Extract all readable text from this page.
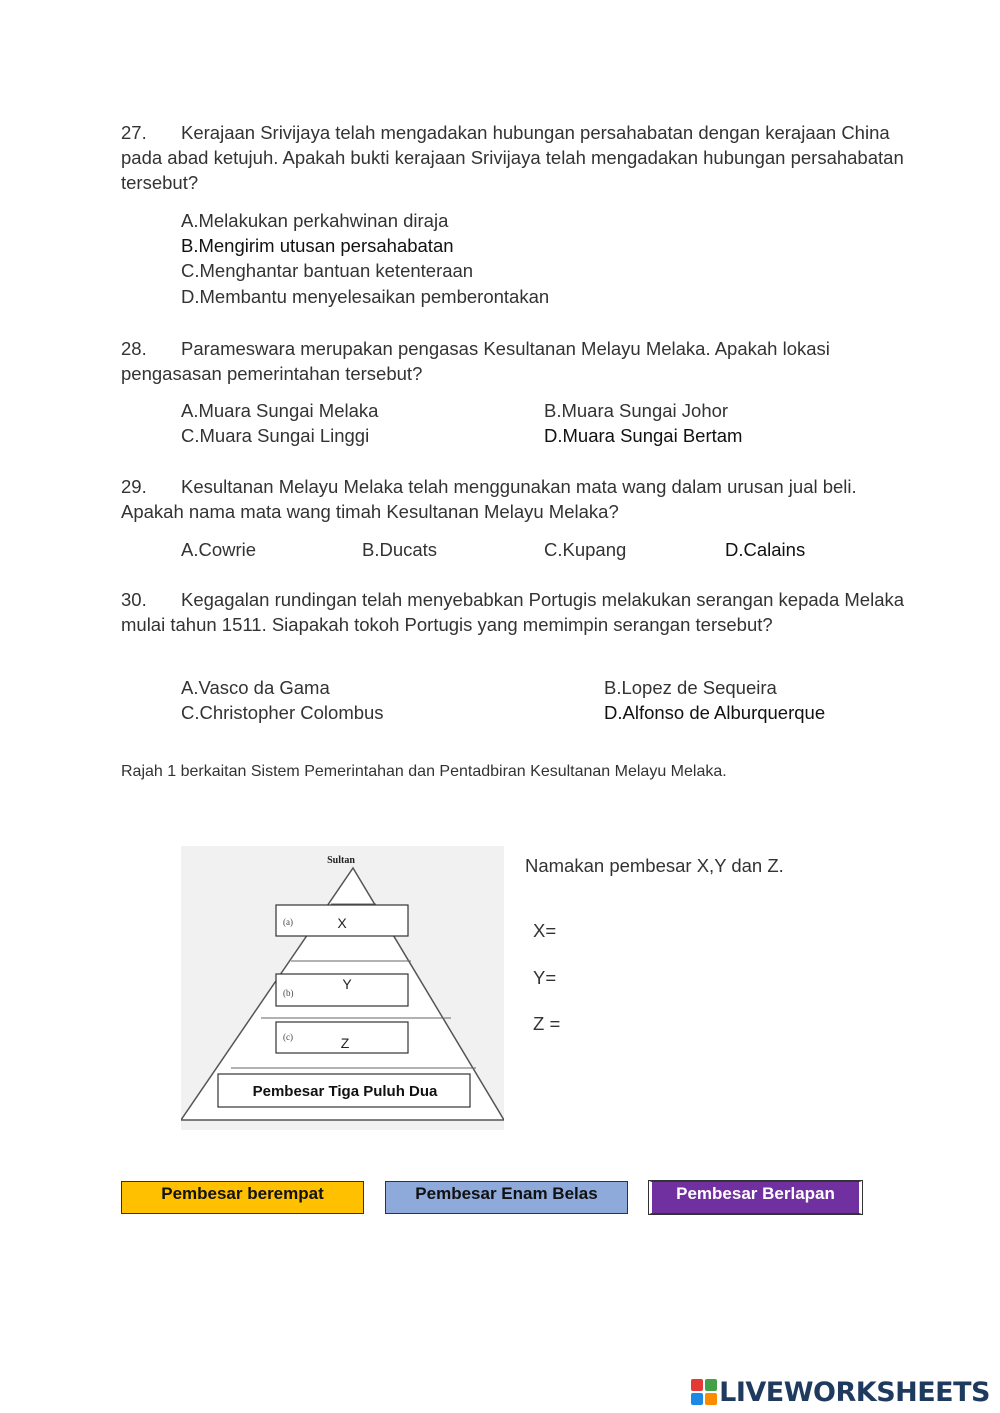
27. Kerajaan Srivijaya telah mengadakan hubungan persahabatan dengan kerajaan China pada abad ketujuh. Apakah bukti kerajaan Srivijaya telah mengadakan hubungan persahabatan tersebut?
A.Melakukan perkahwinan diraja
B.Mengirim utusan persahabatan
C.Menghantar bantuan ketenteraan
D.Membantu menyelesaikan pemberontakan
28. Parameswara merupakan pengasas Kesultanan Melayu Melaka. Apakah lokasi pengasasan pemerintahan tersebut?
A.Muara Sungai Melaka	B.Muara Sungai Johor
C.Muara Sungai Linggi	D.Muara Sungai Bertam
29. Kesultanan Melayu Melaka telah menggunakan mata wang dalam urusan jual beli. Apakah nama mata wang timah Kesultanan Melayu Melaka?
A.Cowrie	B.Ducats	C.Kupang	D.Calains
30. Kegagalan rundingan telah menyebabkan Portugis melakukan serangan kepada Melaka mulai tahun 1511. Siapakah tokoh Portugis yang memimpin serangan tersebut?
A.Vasco da Gama	B.Lopez de Sequeira
C.Christopher Colombus	D.Alfonso de Alburquerque
Rajah 1 berkaitan Sistem Pemerintahan dan Pentadbiran Kesultanan Melayu Melaka.
Sultan
(a)	X
(b)
Y
(c)	Z
Pembesar Tiga Puluh Dua
Namakan pembesar X,Y dan Z.
X=
Y=
Z =
Pembesar berempat	Pembesar Enam Belas	Pembesar Berlapan
LIVEWORKSHEETS
